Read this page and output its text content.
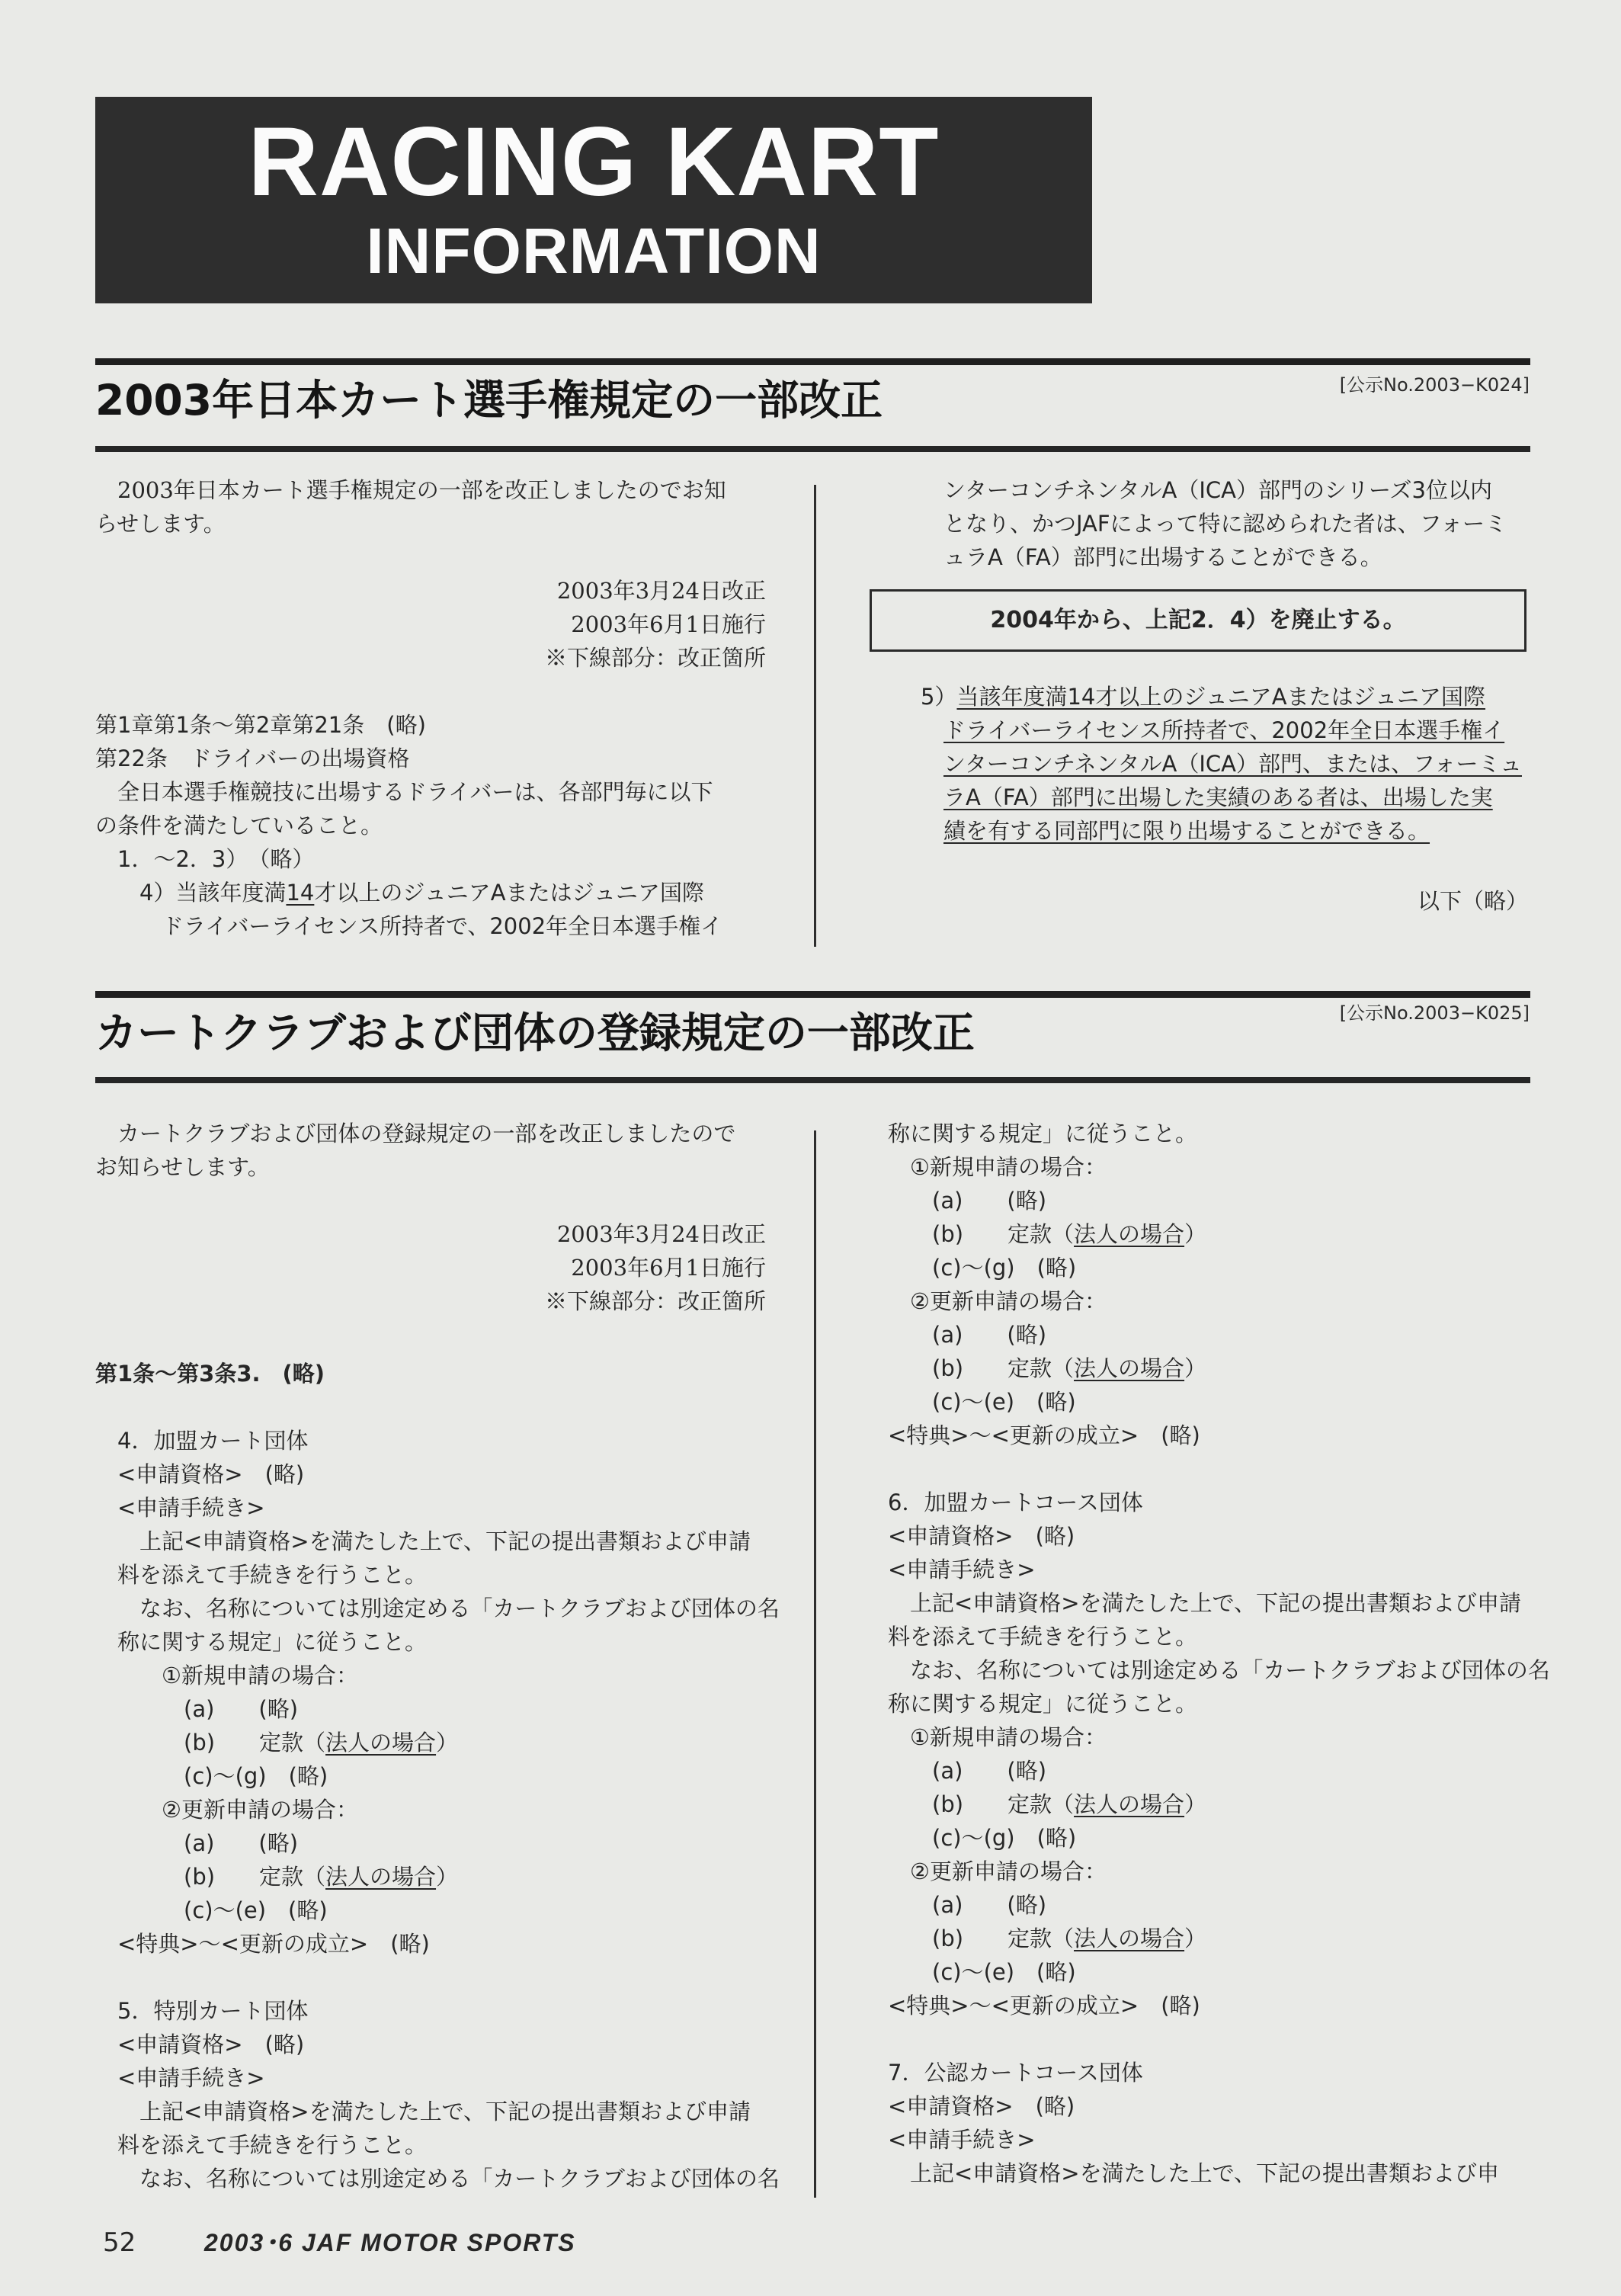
RACING KART
INFORMATION
2003年日本カート選手権規定の一部改正	[公示No.2003−K024]
　2003年日本カート選手権規定の一部を改正しましたのでお知
らせします。
2003年3月24日改正
2003年6月1日施行
※下線部分：改正箇所
第1章第1条〜第2章第21条　(略)
第22条　ドライバーの出場資格
　全日本選手権競技に出場するドライバーは、各部門毎に以下
の条件を満たしていること。
　1．〜2．3）　（略）
　　4）当該年度満14才以上のジュニアAまたはジュニア国際
　　　ドライバーライセンス所持者で、2002年全日本選手権イ
ンターコンチネンタルA（ICA）部門のシリーズ3位以内
となり、かつJAFによって特に認められた者は、フォーミ
ュラA（FA）部門に出場することができる。
2004年から、上記2．4）を廃止する。
5）当該年度満14才以上のジュニアAまたはジュニア国際
ドライバーライセンス所持者で、2002年全日本選手権イ
ンターコンチネンタルA（ICA）部門、または、フォーミュ
ラA（FA）部門に出場した実績のある者は、出場した実
績を有する同部門に限り出場することができる。
以下（略）
カートクラブおよび団体の登録規定の一部改正	[公示No.2003−K025]
　カートクラブおよび団体の登録規定の一部を改正しましたので
お知らせします。
2003年3月24日改正
2003年6月1日施行
※下線部分：改正箇所
第1条〜第3条3.　(略)
　4．加盟カート団体
　<申請資格>　(略)
　<申請手続き>
　　上記<申請資格>を満たした上で、下記の提出書類および申請
　料を添えて手続きを行うこと。
　　なお、名称については別途定める「カートクラブおよび団体の名
　称に関する規定」に従うこと。
　　　①新規申請の場合：
　　　　(a)　　(略)
　　　　(b)　　定款（法人の場合）
　　　　(c)〜(g)　(略)
　　　②更新申請の場合：
　　　　(a)　　(略)
　　　　(b)　　定款（法人の場合）
　　　　(c)〜(e)　(略)
　<特典>〜<更新の成立>　(略)
　5．特別カート団体
　<申請資格>　(略)
　<申請手続き>
　　上記<申請資格>を満たした上で、下記の提出書類および申請
　料を添えて手続きを行うこと。
　　なお、名称については別途定める「カートクラブおよび団体の名
称に関する規定」に従うこと。
　①新規申請の場合：
　　(a)　　(略)
　　(b)　　定款（法人の場合）
　　(c)〜(g)　(略)
　②更新申請の場合：
　　(a)　　(略)
　　(b)　　定款（法人の場合）
　　(c)〜(e)　(略)
<特典>〜<更新の成立>　(略)
6．加盟カートコース団体
<申請資格>　(略)
<申請手続き>
　上記<申請資格>を満たした上で、下記の提出書類および申請
料を添えて手続きを行うこと。
　なお、名称については別途定める「カートクラブおよび団体の名
称に関する規定」に従うこと。
　①新規申請の場合：
　　(a)　　(略)
　　(b)　　定款（法人の場合）
　　(c)〜(g)　(略)
　②更新申請の場合：
　　(a)　　(略)
　　(b)　　定款（法人の場合）
　　(c)〜(e)　(略)
<特典>〜<更新の成立>　(略)
7．公認カートコース団体
<申請資格>　(略)
<申請手続き>
　上記<申請資格>を満たした上で、下記の提出書類および申
52	2003･6 JAF MOTOR SPORTS
